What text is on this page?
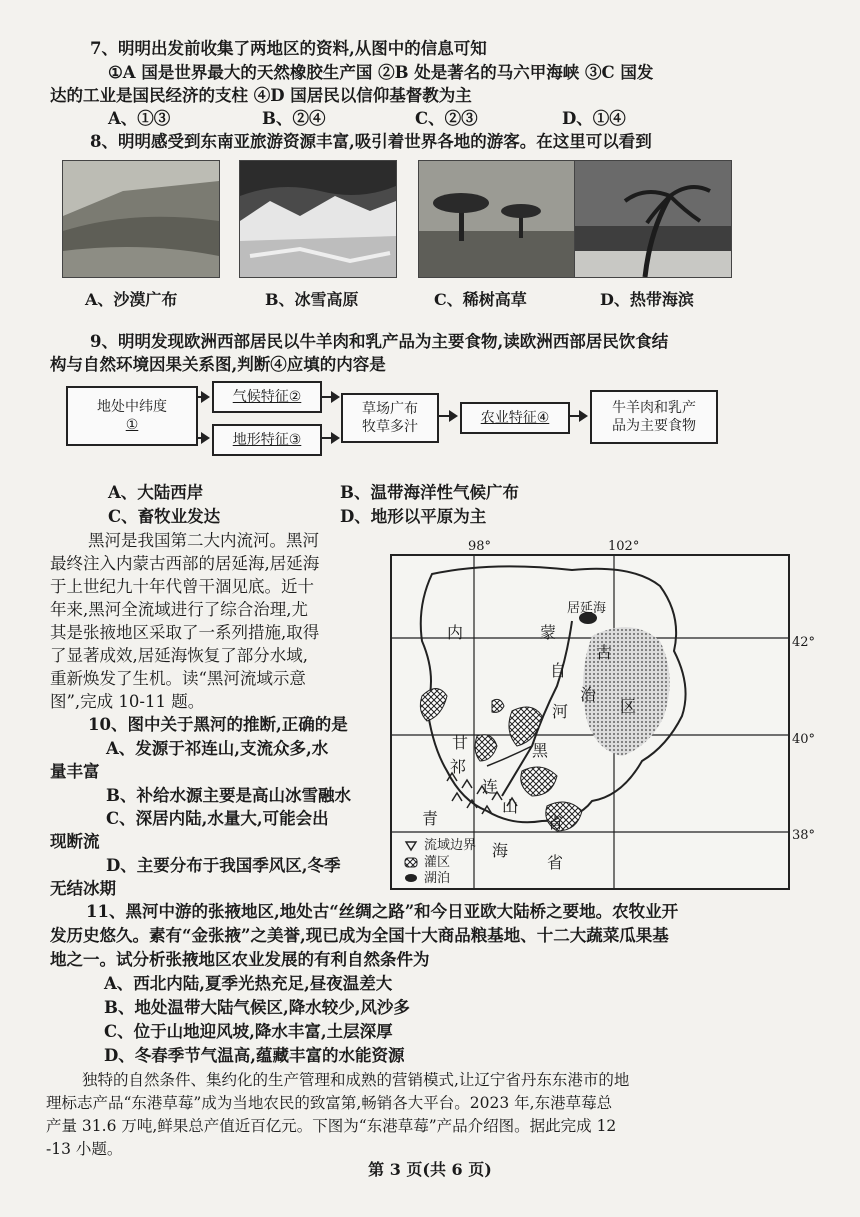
7、明明出发前收集了两地区的资料,从图中的信息可知
①A 国是世界最大的天然橡胶生产国 ②B 处是著名的马六甲海峡 ③C 国发
达的工业是国民经济的支柱 ④D 国居民以信仰基督教为主
A、①③	B、②④	C、②③	D、①④
8、明明感受到东南亚旅游资源丰富,吸引着世界各地的游客。在这里可以看到
A、沙漠广布	B、冰雪高原	C、稀树高草	D、热带海滨
9、明明发现欧洲西部居民以牛羊肉和乳产品为主要食物,读欧洲西部居民饮食结
构与自然环境因果关系图,判断④应填的内容是
地处中纬度
①
气候特征②
地形特征③
草场广布
牧草多汁
农业特征④
牛羊肉和乳产
品为主要食物
A、大陆西岸	B、温带海洋性气候广布
C、畜牧业发达	D、地形以平原为主
黑河是我国第二大内流河。黑河
最终注入内蒙古西部的居延海,居延海
于上世纪九十年代曾干涸见底。近十
年来,黑河全流域进行了综合治理,尤
其是张掖地区采取了一系列措施,取得
了显著成效,居延海恢复了部分水域,
重新焕发了生机。读“黑河流域示意
图”,完成 10-11 题。
10、图中关于黑河的推断,正确的是
A、发源于祁连山,支流众多,水
量丰富
B、补给水源主要是高山冰雪融水
C、深居内陆,水量大,可能会出
现断流
D、主要分布于我国季风区,冬季
无结冰期
98°	102°
42°
40°
38°
内	蒙
古
自
治
区
河
黑
甘
祁
连
山
青
海
省
省
居延海
流域边界
灌区
湖泊
11、黑河中游的张掖地区,地处古“丝绸之路”和今日亚欧大陆桥之要地。农牧业开
发历史悠久。素有“金张掖”之美誉,现已成为全国十大商品粮基地、十二大蔬菜瓜果基
地之一。试分析张掖地区农业发展的有利自然条件为
A、西北内陆,夏季光热充足,昼夜温差大
B、地处温带大陆气候区,降水较少,风沙多
C、位于山地迎风坡,降水丰富,土层深厚
D、冬春季节气温高,蕴藏丰富的水能资源
独特的自然条件、集约化的生产管理和成熟的营销模式,让辽宁省丹东东港市的地
理标志产品“东港草莓”成为当地农民的致富第,畅销各大平台。2023 年,东港草莓总
产量 31.6 万吨,鲜果总产值近百亿元。下图为“东港草莓”产品介绍图。据此完成 12
-13 小题。
第 3 页(共 6 页)
